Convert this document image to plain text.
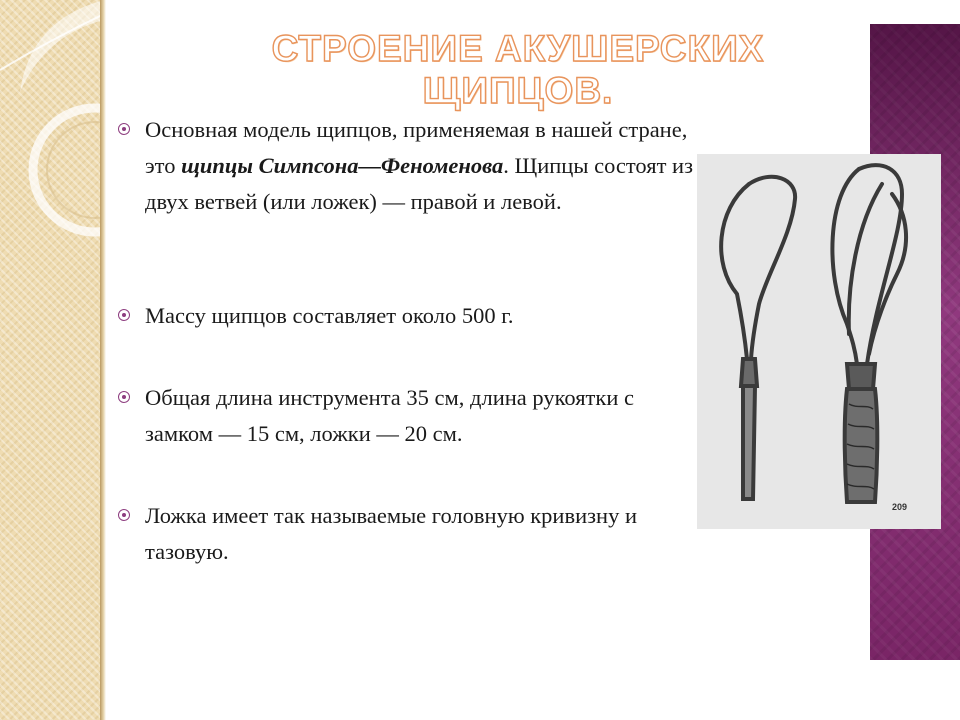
СТРОЕНИЕ АКУШЕРСКИХ ЩИПЦОВ.
Основная модель щипцов, применяемая в нашей стране, это щипцы Симпсона—Феноменова. Щипцы состоят из двух ветвей (или ложек) — правой и левой.
Массу щипцов составляет около 500 г.
Общая длина инструмента 35 см, длина рукоятки с замком — 15 см, ложки — 20 см.
Ложка имеет так называемые головную кривизну и тазовую.
209
